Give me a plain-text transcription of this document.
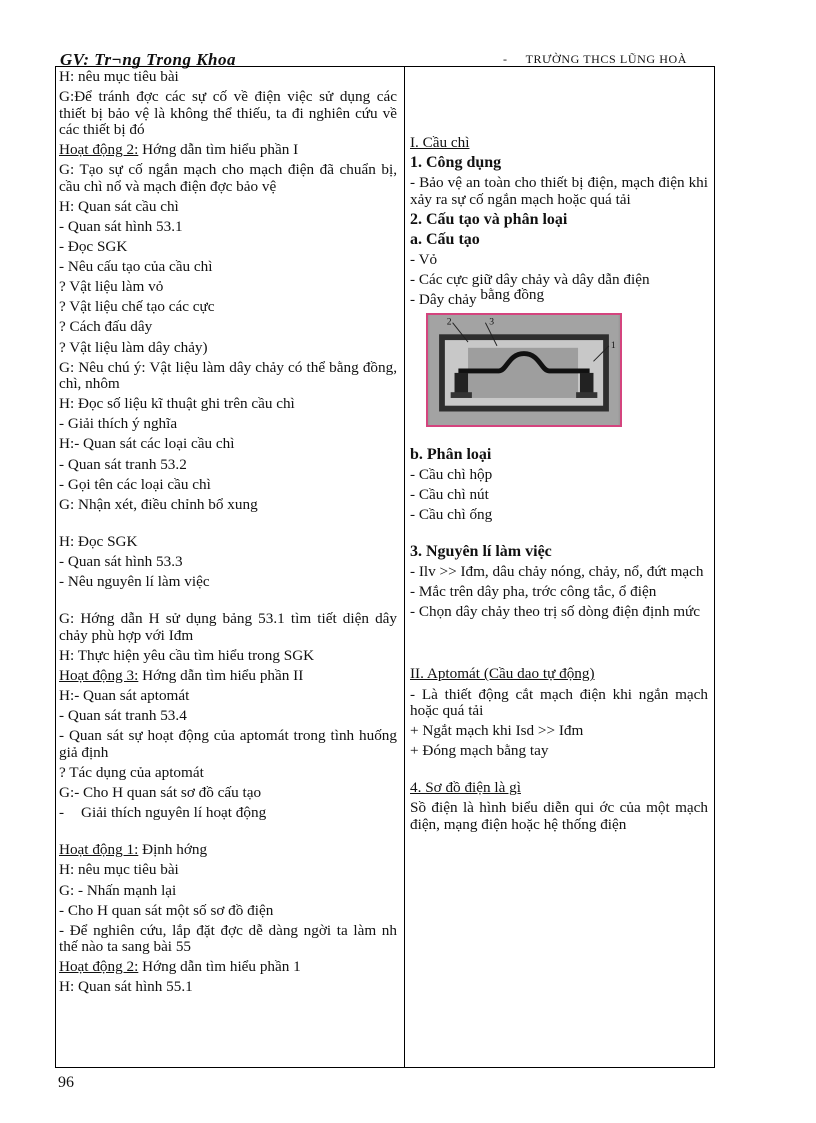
GV: Tr¬ng Trong Khoa	- TRƯỜNG THCS LŨNG HOÀ

H: nêu mục tiêu bài

G:Để tránh đợc các sự cố về điện việc sử dụng các thiết bị bảo vệ là không thể thiếu, ta đi nghiên cứu về các thiết bị đó

Hoạt động 2: Hớng dẫn tìm hiểu phần I

G: Tạo sự cố ngắn mạch cho mạch điện đã chuẩn bị, cầu chì nổ và mạch điện đợc bảo vệ

H: Quan sát cầu chì

- Quan sát hình 53.1

- Đọc SGK

- Nêu cấu tạo của cầu chì

? Vật liệu làm vỏ

? Vật liệu chế tạo các cực

? Cách đấu dây

? Vật liệu làm dây chảy)

G: Nêu chú ý: Vật liệu làm dây chảy có thể bằng đồng, chì, nhôm

H: Đọc số liệu kĩ thuật ghi trên cầu chì

- Giải thích ý nghĩa

H:- Quan sát các loại cầu chì

- Quan sát tranh 53.2

- Gọi tên các loại cầu chì

G: Nhận xét, điều chỉnh bổ xung

H: Đọc SGK

- Quan sát hình 53.3

- Nêu nguyên lí làm việc

G: Hớng dẫn H sử dụng bảng 53.1 tìm tiết diện dây chảy phù hợp với Iđm

H: Thực hiện yêu cầu tìm hiểu trong SGK

Hoạt động 3: Hớng dẫn tìm hiểu phần II

H:- Quan sát aptomát

- Quan sát tranh 53.4

- Quan sát sự hoạt động của aptomát trong tình huống giả định

? Tác dụng của aptomát

G:- Cho H quan sát sơ đồ cấu tạo

- Giải thích nguyên lí hoạt động

Hoạt động 1: Định hớng

H: nêu mục tiêu bài

G: - Nhấn mạnh lại

- Cho H quan sát một số sơ đồ điện

- Để nghiên cứu, lắp đặt đợc dễ dàng ngời ta làm nh thế nào ta sang bài 55

Hoạt động 2: Hớng dẫn tìm hiểu phần 1

H: Quan sát hình 55.1

I. Cầu chì

1. Công dụng

- Bảo vệ an toàn cho thiết bị điện, mạch điện khi xảy ra sự cố ngắn mạch hoặc quá tải

2. Cấu tạo và phân loại

a. Cấu tạo

- Vỏ

- Các cực giữ dây chảy và dây dẫn điện

- Dây chảy bằng đồng

2	3
1

b. Phân loại

- Cầu chì hộp

- Cầu chì nút

- Cầu chì ống

3. Nguyên lí làm việc

- Ilv >> Iđm, dâu chảy nóng, chảy, nổ, đứt mạch

- Mắc trên dây pha, trớc công tắc, ổ điện

- Chọn dây chảy theo trị số dòng điện định mức

II. Aptomát (Cầu dao tự động)

- Là thiết động cắt mạch điện khi ngắn mạch hoặc quá tải

+ Ngắt mạch khi Isd >> Iđm

+ Đóng mạch bằng tay

4. Sơ đồ điện là gì

Sồ điện là hình biểu diễn qui ớc của một mạch điện, mạng điện hoặc hệ thống điện

96
